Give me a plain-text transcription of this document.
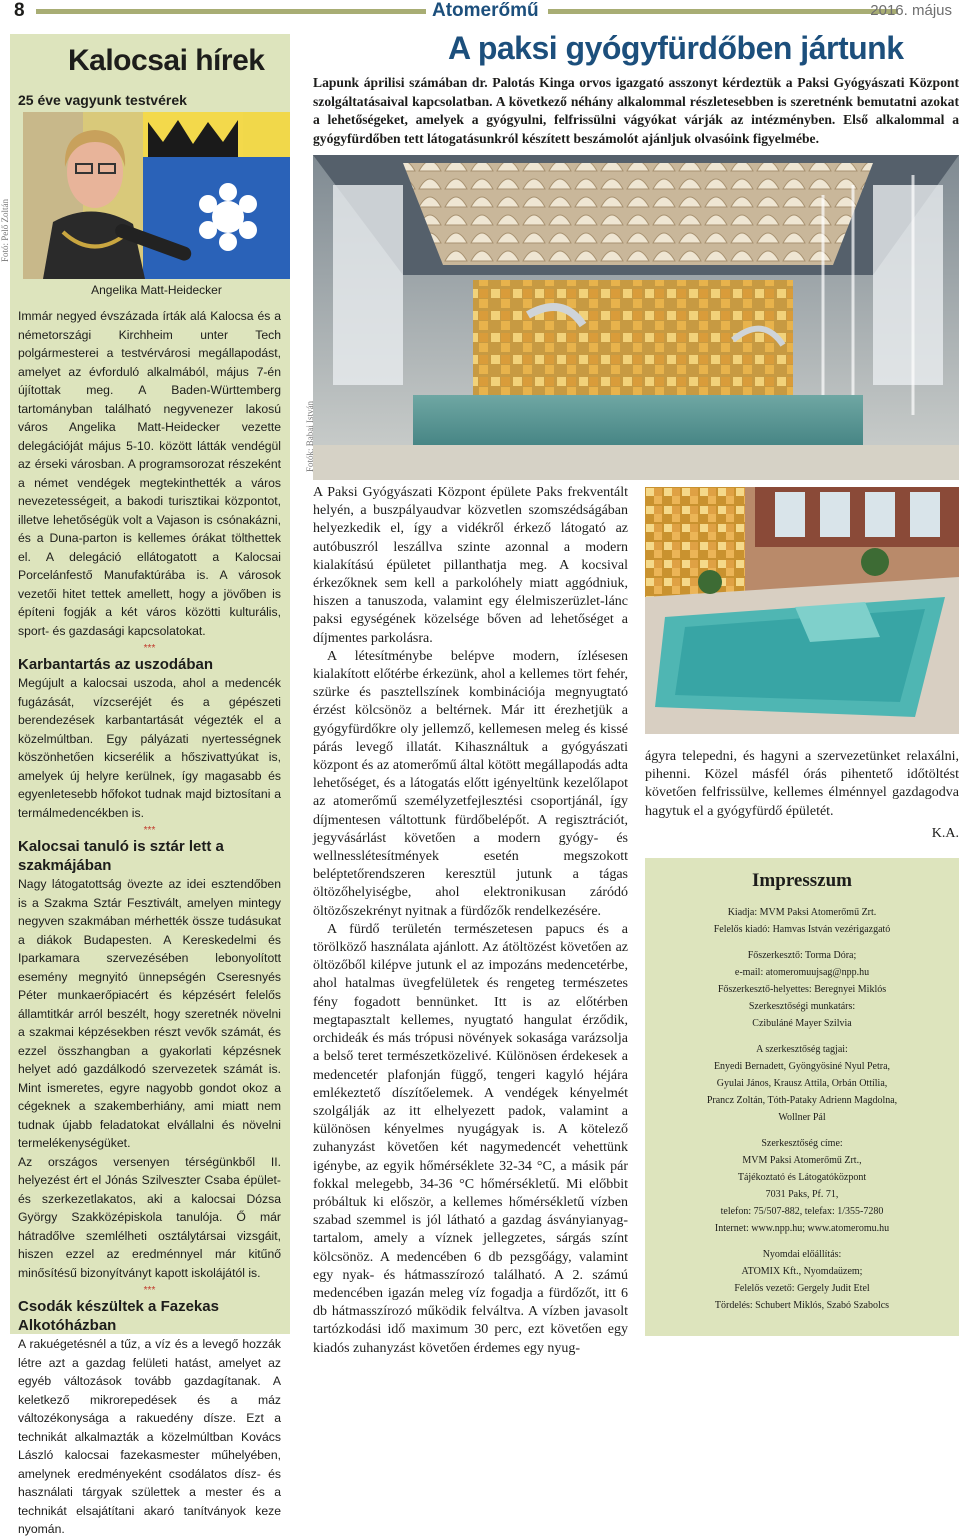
8	Atomerőmű	2016. május
Kalocsai hírek
25 éve vagyunk testvérek
Fotó: Pelő Zoltán
Angelika Matt-Heidecker

Immár negyed évszázada írták alá Kalocsa és a németországi Kirchheim unter Tech polgármesterei a testvérvárosi megállapodást, amelyet az évforduló alkalmából, május 7-én újítottak meg. A Baden-Württemberg tartományban található negyvenezer lakosú város Angelika Matt-Heidecker vezette delegációját május 5-10. között látták vendégül az érseki városban. A programsorozat részeként a német vendégek megtekinthették a város nevezetességeit, a bakodi turisztikai központot, illetve lehetőségük volt a Vajason is csónakázni, és a Duna-parton is kellemes órákat tölthettek el. A delegáció ellátogatott a Kalocsai Porcelánfestő Manufaktúrába is. A városok vezetői hitet tettek amellett, hogy a jövőben is építeni fogják a két város közötti kulturális, sport- és gazdasági kapcsolatokat.

***
Karbantartás az uszodában

Megújult a kalocsai uszoda, ahol a medencék fugázását, vízcseréjét és a gépészeti berendezések karbantartását végezték el a közelmúltban. Egy pályázati nyertességnek köszönhetően kicserélik a hőszivattyúkat is, amelyek új helyre kerülnek, így magasabb és egyenletesebb hőfokot tudnak majd biztosítani a termálmedencékben is.

***
Kalocsai tanuló is sztár lett a szakmájában

Nagy látogatottság övezte az idei esztendőben is a Szakma Sztár Fesztivált, amelyen mintegy negyven szakmában mérhették össze tudásukat a diákok Budapesten. A Kereskedelmi és Iparkamara szervezésében lebonyolított esemény megnyitó ünnepségén Cseresnyés Péter munkaerőpiacért és képzésért felelős államtitkár arról beszélt, hogy szeretnék növelni a szakmai képzésekben részt vevők számát, és ezzel összhangban a gyakorlati képzésnek helyet adó gazdálkodó szervezetek számát is. Mint ismeretes, egyre nagyobb gondot okoz a cégeknek a szakemberhiány, ami miatt nem tudnak újabb feladatokat elvállalni és növelni termelékenységüket.

Az országos versenyen térségünkből II. helyezést ért el Jónás Szilveszter Csaba épület- és szerkezetlakatos, aki a kalocsai Dózsa György Szakközépiskola tanulója. Ő már hátradőlve szemlélheti osztálytársai vizsgáit, hiszen ezzel az eredménnyel már kitűnő minősítésű bizonyítványt kapott iskolájától is.

***
Csodák készültek a Fazekas Alkotóházban

A rakuégetésnél a tűz, a víz és a levegő hozzák létre azt a gazdag felületi hatást, amelyet az egyéb változások tovább gazdagítanak. A keletkező mikrorepedések és a máz változékonysága a rakuedény dísze. Ezt a technikát alkalmazták a közelmúltban Kovács László kalocsai fazekasmester műhelyében, amelynek eredményeként csodálatos dísz- és használati tárgyak születtek a mester és a technikát elsajátítani akaró tanítványok keze nyomán.

A paksi gyógyfürdőben jártunk
Lapunk áprilisi számában dr. Palotás Kinga orvos igazgató asszonyt kérdeztük a Paksi Gyógyászati Központ szolgáltatásaival kapcsolatban. A következő néhány alkalommal részletesebben is szeretnénk bemutatni azokat a lehetőségeket, amelyek a gyógyulni, felfrissülni vágyókat várják az intézményben. Első alkalommal a gyógyfürdőben tett látogatásunkról készített beszámolót ajánljuk olvasóink figyelmébe.
Fotók: Babai István

A Paksi Gyógyászati Központ épülete Paks frekventált helyén, a buszpályaudvar közvetlen szomszédságában helyezkedik el, így a vidékről érkező látogató az autóbuszról leszállva szinte azonnal a modern kialakítású épületet pillanthatja meg. A kocsival érkezőknek sem kell a parkolóhely miatt aggódniuk, hiszen a tanuszoda, valamint egy élelmiszerüzlet-lánc paksi egységének közelsége bőven ad lehetőséget a díjmentes parkolásra.

A létesítménybe belépve modern, ízlésesen kialakított előtérbe érkezünk, ahol a kellemes tört fehér, szürke és pasztellszínek kombinációja megnyugtató érzést kölcsönöz a beltérnek. Már itt érezhetjük a gyógyfürdőkre oly jellemző, kellemesen meleg és kissé párás levegő illatát. Kihasználtuk a gyógyászati központ és az atomerőmű által kötött megállapodás adta lehetőséget, és a látogatás előtt igényeltünk kezelőlapot az atomerőmű személyzetfejlesztési csoportjánál, így díjmentesen váltottunk fürdőbelépőt. A regisztrációt, jegyvásárlást követően a modern gyógy- és wellnesslétesítmények esetén megszokott beléptetőrendszeren keresztül jutunk a tágas öltözőhelyiségbe, ahol elektronikusan záródó öltözőszekrényt nyitnak a fürdőzők rendelkezésére.

A fürdő területén természetesen papucs és a törölköző használata ajánlott. Az átöltözést követően az öltözőből kilépve jutunk el az impozáns medencetérbe, ahol hatalmas üvegfelületek és rengeteg természetes fény fogadott bennünket. Itt is az előtérben megtapasztalt kellemes, nyugtató hangulat érződik, orchideák és más trópusi növények sokasága varázsolja a belső teret természetközelivé. Különösen érdekesek a medencetér plafonján függő, tengeri kagyló héjára emlékeztető díszítőelemek. A vendégek kényelmét szolgálják az itt elhelyezett padok, valamint a különösen kényelmes nyugágyak is. A kötelező zuhanyzást követően két nagymedencét vehettünk igénybe, az egyik hőmérséklete 32-34 °C, a másik pár fokkal melegebb, 34-36 °C hőmérsékletű. Mi előbbit próbáltuk ki először, a kellemes hőmérsékletű vízben szabad szemmel is jól látható a gazdag ásványianyag-tartalom, amely a víznek jellegzetes, sárgás színt kölcsönöz. A medencében 6 db pezsgőágy, valamint egy nyak- és hátmasszírozó található. A 2. számú medencében igazán meleg víz fogadja a fürdőzőt, itt 6 db hátmasszírozó működik felváltva. A vízben javasolt tartózkodási idő maximum 30 perc, ezt követően egy kiadós zuhanyzást követően érdemes egy nyug-

ágyra telepedni, és hagyni a szervezetünket relaxálni, pihenni. Közel másfél órás pihentető időtöltést követően felfrissülve, kellemes élménnyel gazdagodva hagytuk el a gyógyfürdő épületét.

K.A.

Impresszum
Kiadja: MVM Paksi Atomerőmű Zrt.
Felelős kiadó: Hamvas István vezérigazgató
Főszerkesztő: Torma Dóra;
e-mail: atomeromuujsag@npp.hu
Főszerkesztő-helyettes: Beregnyei Miklós
Szerkesztőségi munkatárs:
Czibuláné Mayer Szilvia
A szerkesztőség tagjai:
Enyedi Bernadett, Gyöngyösiné Nyul Petra,
Gyulai János, Krausz Attila, Orbán Ottília,
Prancz Zoltán, Tóth-Pataky Adrienn Magdolna,
Wollner Pál
Szerkesztőség címe:
MVM Paksi Atomerőmű Zrt.,
Tájékoztató és Látogatóközpont
7031 Paks, Pf. 71,
telefon: 75/507-882, telefax: 1/355-7280
Internet: www.npp.hu; www.atomeromu.hu
Nyomdai előállítás:
ATOMIX Kft., Nyomdaüzem;
Felelős vezető: Gergely Judit Etel
Tördelés: Schubert Miklós, Szabó Szabolcs
